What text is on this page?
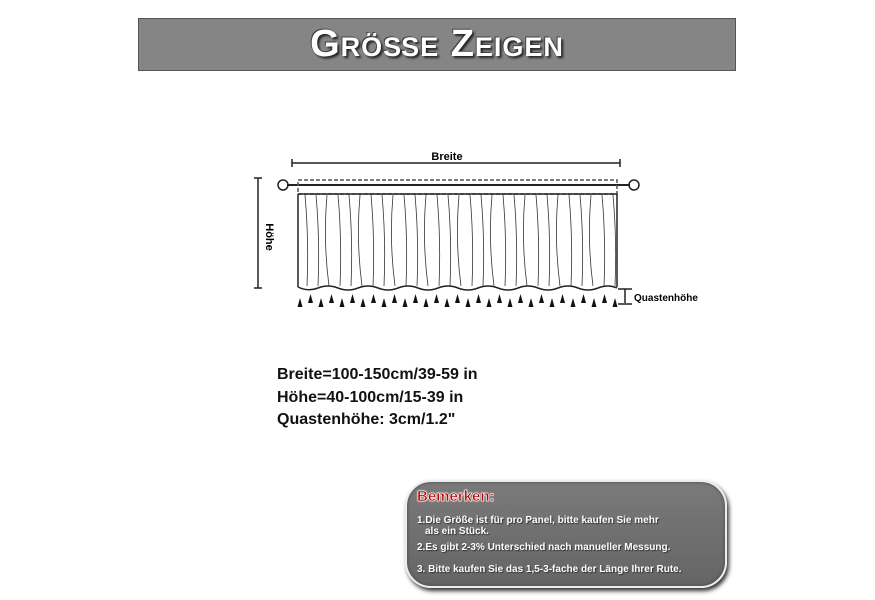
Größe Zeigen
Breite
Höhe
Quastenhöhe
Breite=100-150cm/39-59 in
Höhe=40-100cm/15-39 in
Quastenhöhe: 3cm/1.2"
Bemerken:
1.Die Größe ist für pro Panel, bitte kaufen Sie mehr
als ein Stück.
2.Es gibt 2-3% Unterschied nach manueller Messung.
3. Bitte kaufen Sie das 1,5-3-fache der Länge Ihrer Rute.
